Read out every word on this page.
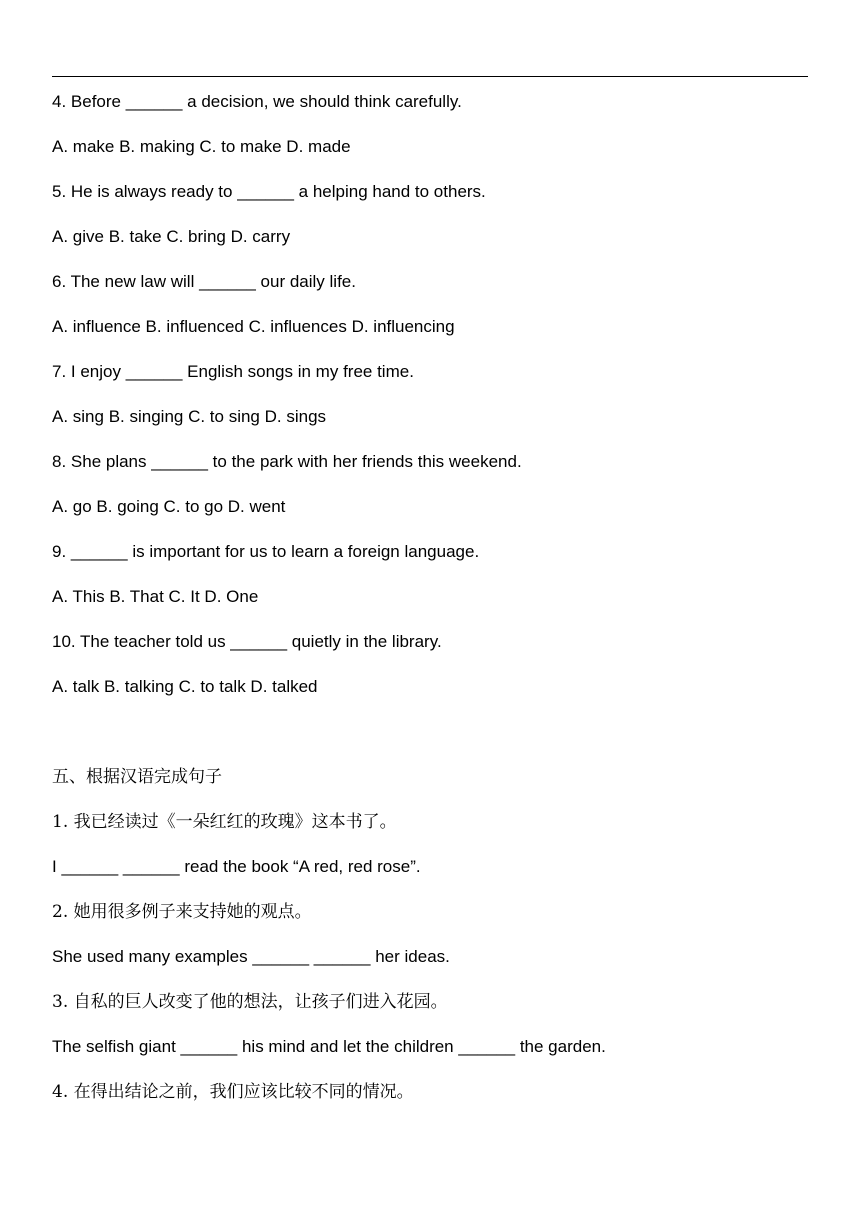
4. Before ______ a decision, we should think carefully.
A. make B. making C. to make D. made
5. He is always ready to ______ a helping hand to others.
A. give B. take C. bring D. carry
6. The new law will ______ our daily life.
A. influence B. influenced C. influences D. influencing
7. I enjoy ______ English songs in my free time.
A. sing B. singing C. to sing D. sings
8. She plans ______ to the park with her friends this weekend.
A. go B. going C. to go D. went
9. ______ is important for us to learn a foreign language.
A. This B. That C. It D. One
10. The teacher told us ______ quietly in the library.
A. talk B. talking C. to talk D. talked
五、根据汉语完成句子
1. 我已经读过《一朵红红的玫瑰》这本书了。
I ______ ______ read the book “A red, red rose”.
2. 她用很多例子来支持她的观点。
She used many examples ______ ______ her ideas.
3. 自私的巨人改变了他的想法，让孩子们进入花园。
The selfish giant ______ his mind and let the children ______ the garden.
4. 在得出结论之前，我们应该比较不同的情况。
